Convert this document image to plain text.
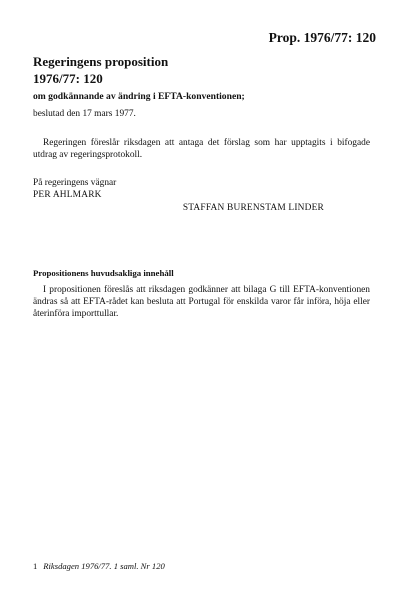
Prop. 1976/77: 120
Regeringens proposition
1976/77: 120
om godkännande av ändring i EFTA-konventionen;
beslutad den 17 mars 1977.

Regeringen föreslår riksdagen att antaga det förslag som har upptagits i bifogade utdrag av regeringsprotokoll.

På regeringens vägnar
PER AHLMARK
STAFFAN BURENSTAM LINDER
Propositionens huvudsakliga innehåll

I propositionen föreslås att riksdagen godkänner att bilaga G till EFTA-konventionen ändras så att EFTA-rådet kan besluta att Portugal för enskilda varor får införa, höja eller återinföra importtullar.

1 Riksdagen 1976/77. 1 saml. Nr 120
